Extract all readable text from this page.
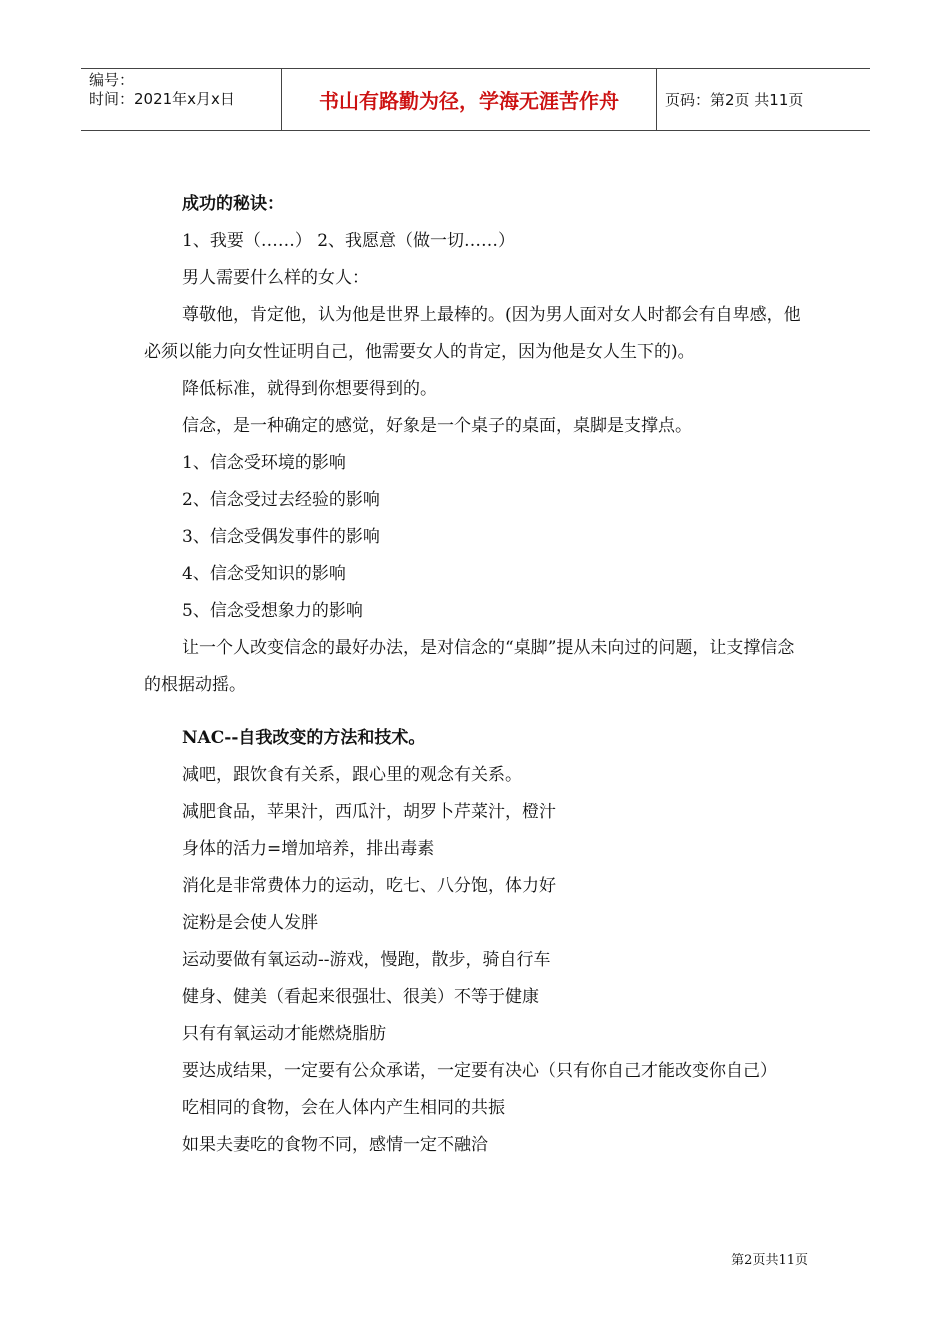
编号：
时间：2021年x月x日	书山有路勤为径，学海无涯苦作舟	页码：第2页 共11页

成功的秘诀：

1、我要（……） 2、我愿意（做一切……）

男人需要什么样的女人：

尊敬他，肯定他，认为他是世界上最棒的。(因为男人面对女人时都会有自卑感，他必须以能力向女性证明自己，他需要女人的肯定，因为他是女人生下的)。

降低标准，就得到你想要得到的。

信念，是一种确定的感觉，好象是一个桌子的桌面，桌脚是支撑点。

1、信念受环境的影响

2、信念受过去经验的影响

3、信念受偶发事件的影响

4、信念受知识的影响

5、信念受想象力的影响

让一个人改变信念的最好办法，是对信念的“桌脚”提从未向过的问题，让支撑信念的根据动摇。

NAC--自我改变的方法和技术。

减吧，跟饮食有关系，跟心里的观念有关系。

减肥食品，苹果汁，西瓜汁，胡罗卜芹菜汁，橙汁

身体的活力=增加培养，排出毒素

消化是非常费体力的运动，吃七、八分饱，体力好

淀粉是会使人发胖

运动要做有氧运动--游戏，慢跑，散步，骑自行车

健身、健美（看起来很强壮、很美）不等于健康

只有有氧运动才能燃烧脂肪

要达成结果，一定要有公众承诺，一定要有决心（只有你自己才能改变你自己）

吃相同的食物，会在人体内产生相同的共振

如果夫妻吃的食物不同，感情一定不融洽

第2页共11页
